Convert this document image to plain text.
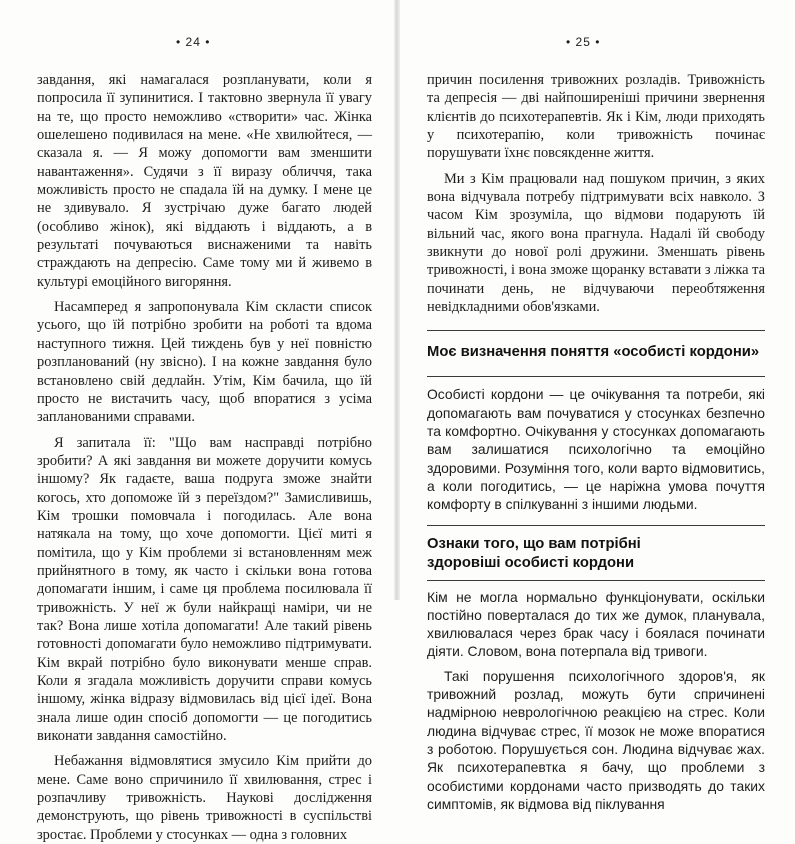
• 24 •

завдання, які намагалася розпланувати, коли я попросила її зупинитися. І тактовно звернула її увагу на те, що просто неможливо «створити» час. Жінка ошелешено подивилася на мене. «Не хвилюйтеся, — сказала я. — Я можу допомогти вам зменшити навантаження». Судячи з її виразу обличчя, така можливість просто не спадала їй на думку. І мене це не здивувало. Я зустрічаю дуже багато людей (особливо жінок), які віддають і віддають, а в результаті почуваються виснаженими та навіть страждають на депресію. Саме тому ми й живемо в культурі емоційного вигоряння.

Насамперед я запропонувала Кім скласти список усього, що їй потрібно зробити на роботі та вдома наступного тижня. Цей тиждень був у неї повністю розпланований (ну звісно). І на кожне завдання було встановлено свій дедлайн. Утім, Кім бачила, що їй просто не вистачить часу, щоб впоратися з усіма запланованими справами.

Я запитала її: "Що вам насправді потрібно зробити? А які завдання ви можете доручити комусь іншому? Як гадаєте, ваша подруга зможе знайти когось, хто допоможе їй з переїздом?" Замисливишь, Кім трошки помовчала і погодилась. Але вона натякала на тому, що хоче допомогти. Цієї миті я помітила, що у Кім проблеми зі встановленням меж прийнятного в тому, як часто і скільки вона готова допомагати іншим, і саме ця проблема посилювала її тривожність. У неї ж були найкращі наміри, чи не так? Вона лише хотіла допомагати! Але такий рівень готовності допомагати було неможливо підтримувати. Кім вкрай потрібно було виконувати менше справ. Коли я згадала можливість доручити справи комусь іншому, жінка відразу відмовилась від цієї ідеї. Вона знала лише один спосіб допомогти — це погодитись виконати завдання самостійно.

Небажання відмовлятися змусило Кім прийти до мене. Саме воно спричинило її хвилювання, стрес і розпачливу тривожність. Наукові дослідження демонструють, що рівень тривожності в суспільстві зростає. Проблеми у стосунках — одна з головних

• 25 •

причин посилення тривожних розладів. Тривожність та депресія — дві найпоширеніші причини звернення клієнтів до психотерапевтів. Як і Кім, люди приходять у психотерапію, коли тривожність починає порушувати їхнє повсякденне життя.

Ми з Кім працювали над пошуком причин, з яких вона відчувала потребу підтримувати всіх навколо. З часом Кім зрозуміла, що відмови подарують їй вільний час, якого вона прагнула. Надалі їй свободу звикнути до нової ролі дружини. Зменшать рівень тривожності, і вона зможе щоранку вставати з ліжка та починати день, не відчуваючи переобтяження невідкладними обов'язками.

Моє визначення поняття «особисті кордони»

Особисті кордони — це очікування та потреби, які допомагають вам почуватися у стосунках безпечно та комфортно. Очікування у стосунках допомагають вам залишатися психологічно та емоційно здоровими. Розуміння того, коли варто відмовитись, а коли погодитись, — це наріжна умова почуття комфорту в спілкуванні з іншими людьми.

Ознаки того, що вам потрібні
здоровіші особисті кордони

Кім не могла нормально функціонувати, оскільки постійно поверталася до тих же думок, планувала, хвилювалася через брак часу і боялася починати діяти. Словом, вона потерпала від тривоги.

Такі порушення психологічного здоров'я, як тривожний розлад, можуть бути спричинені надмірною неврологічною реакцією на стрес. Коли людина відчуває стрес, її мозок не може впоратися з роботою. Порушується сон. Людина відчуває жах. Як психотерапевтка я бачу, що проблеми з особистими кордонами часто призводять до таких симптомів, як відмова від піклування
